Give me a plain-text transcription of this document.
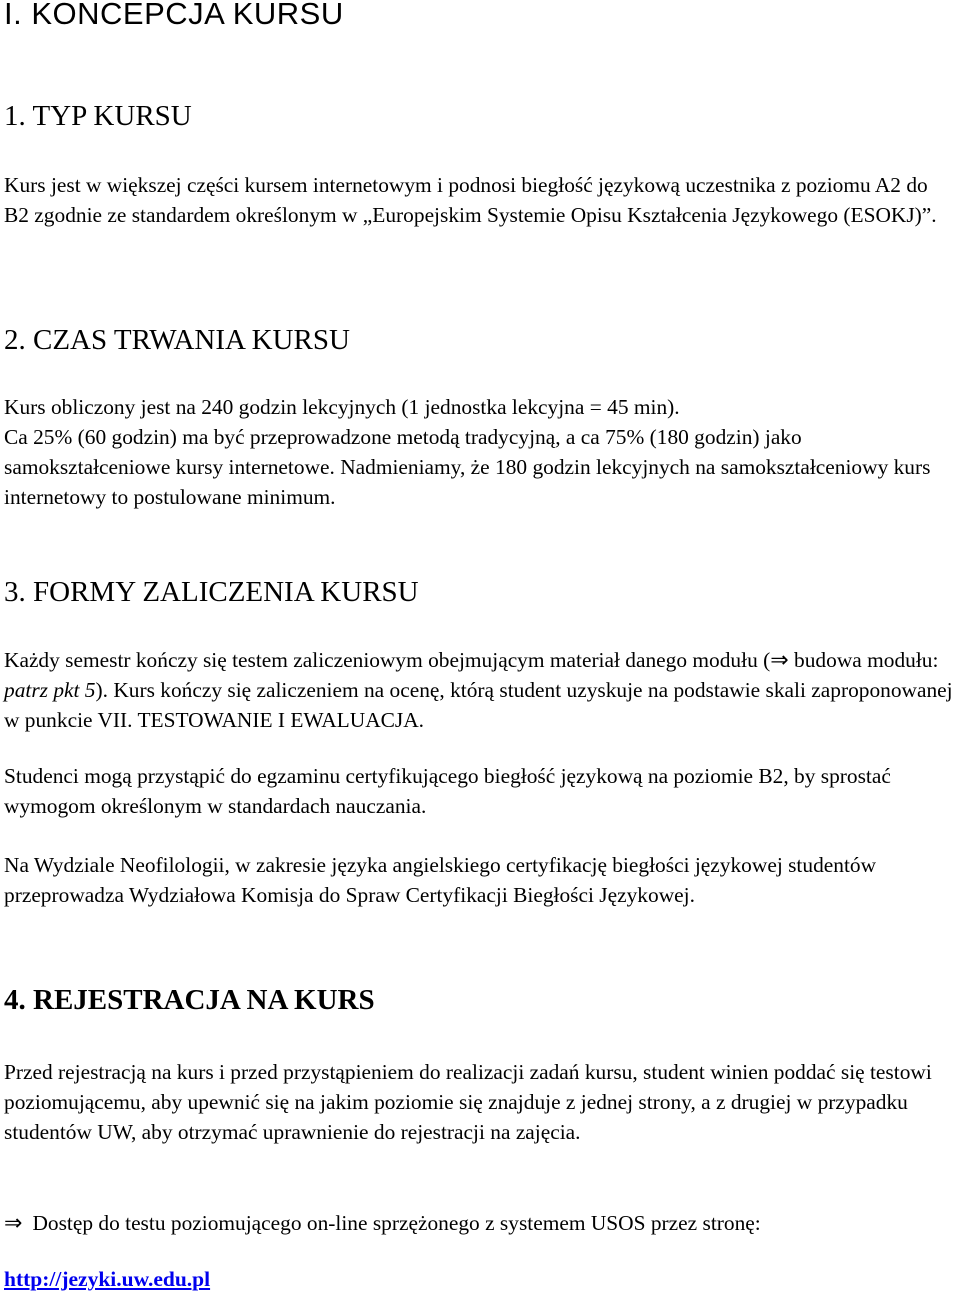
I. KONCEPCJA KURSU
1. TYP KURSU

Kurs jest w większej części kursem internetowym i podnosi biegłość językową uczestnika z poziomu A2 do B2 zgodnie ze standardem określonym w „Europejskim Systemie Opisu Kształcenia Językowego (ESOKJ)”.

2. CZAS TRWANIA KURSU

Kurs obliczony jest na 240 godzin lekcyjnych (1 jednostka lekcyjna = 45 min).

Ca 25% (60 godzin) ma być przeprowadzone metodą tradycyjną, a ca 75% (180 godzin) jako samokształceniowe kursy internetowe. Nadmieniamy, że 180 godzin lekcyjnych na samokształceniowy kurs internetowy to postulowane minimum.

3. FORMY ZALICZENIA KURSU

Każdy semestr kończy się testem zaliczeniowym obejmującym materiał danego modułu (⇒ budowa modułu: patrz pkt 5). Kurs kończy się zaliczeniem na ocenę, którą student uzyskuje na podstawie skali zaproponowanej w punkcie VII. TESTOWANIE I EWALUACJA.

Studenci mogą przystąpić do egzaminu certyfikującego biegłość językową na poziomie B2, by sprostać wymogom określonym w standardach nauczania.

Na Wydziale Neofilologii, w zakresie języka angielskiego certyfikację biegłości językowej studentów przeprowadza Wydziałowa Komisja do Spraw Certyfikacji Biegłości Językowej.

4. REJESTRACJA NA KURS

Przed rejestracją na kurs i przed przystąpieniem do realizacji zadań kursu, student winien poddać się testowi poziomującemu, aby upewnić się na jakim poziomie się znajduje z jednej strony, a z drugiej w przypadku studentów UW, aby otrzymać uprawnienie do rejestracji na zajęcia.

⇒ Dostęp do testu poziomującego on-line sprzężonego z systemem USOS przez stronę:

http://jezyki.uw.edu.pl
